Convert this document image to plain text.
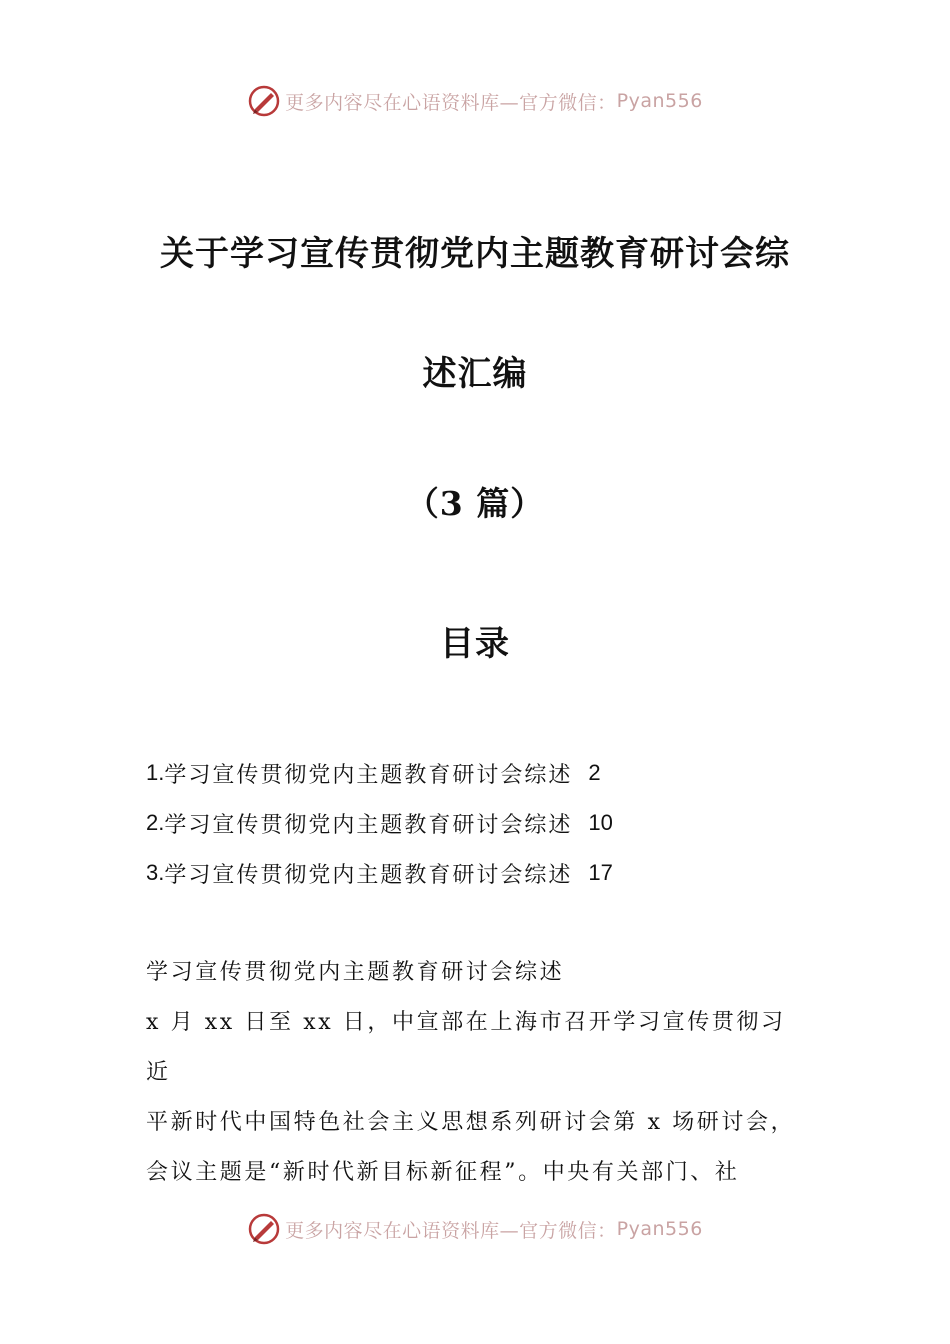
更多内容尽在心语资料库—官方微信： Pyan556
关于学习宣传贯彻党内主题教育研讨会综
述汇编
（3 篇）
目录
1. 学习宣传贯彻党内主题教育研讨会综述 2
2. 学习宣传贯彻党内主题教育研讨会综述 10
3. 学习宣传贯彻党内主题教育研讨会综述 17

学习宣传贯彻党内主题教育研讨会综述

x 月 xx 日至 xx 日，中宣部在上海市召开学习宣传贯彻习近

平新时代中国特色社会主义思想系列研讨会第 x 场研讨会，

会议主题是“新时代新目标新征程”。中央有关部门、社

更多内容尽在心语资料库—官方微信： Pyan556
